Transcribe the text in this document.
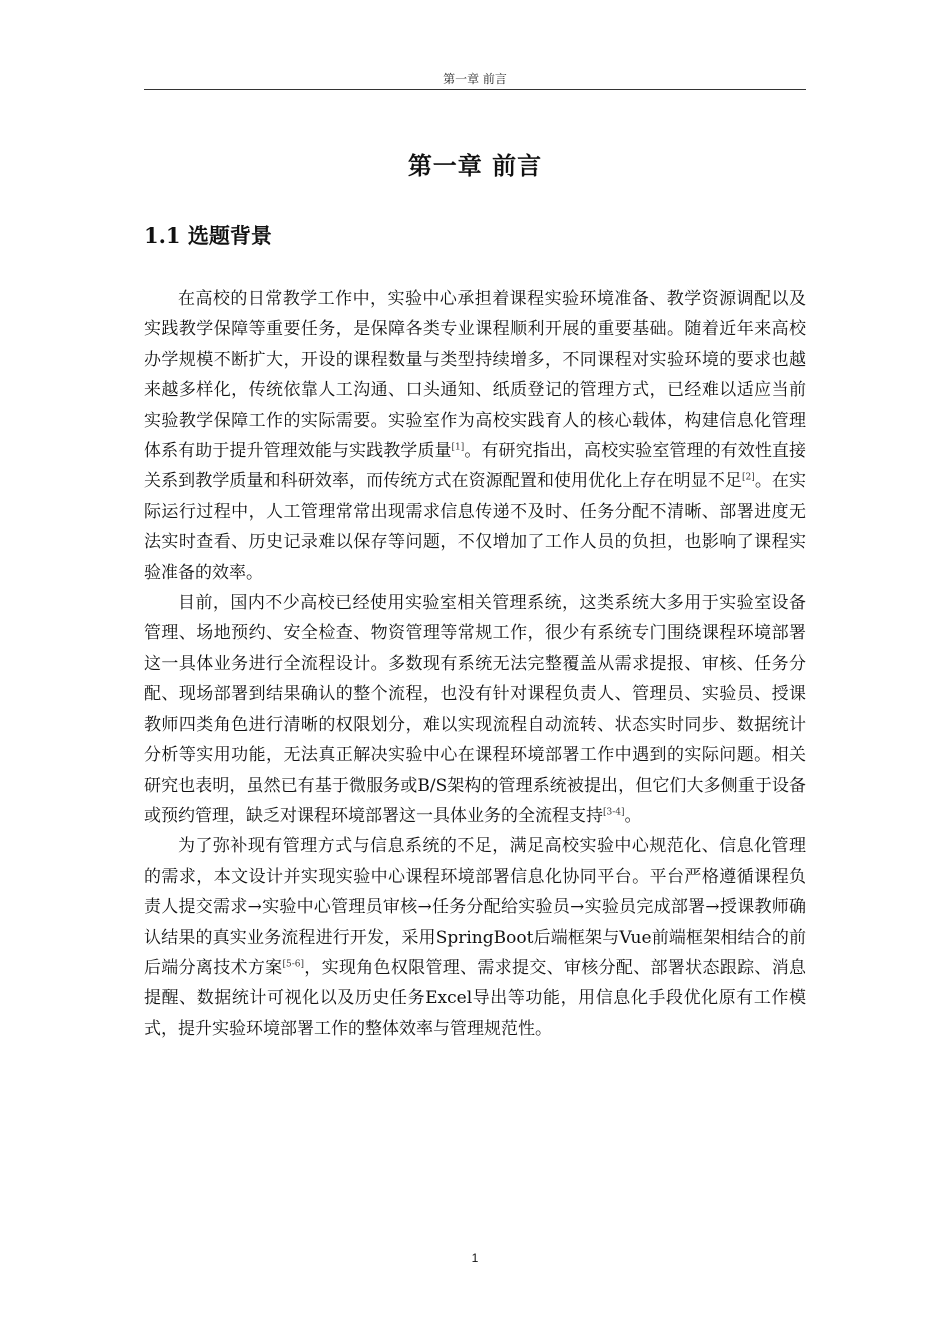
第一章 前言
第一章 前言
1.1 选题背景

在高校的日常教学工作中，实验中心承担着课程实验环境准备、教学资源调配以及实践教学保障等重要任务，是保障各类专业课程顺利开展的重要基础。随着近年来高校办学规模不断扩大，开设的课程数量与类型持续增多，不同课程对实验环境的要求也越来越多样化，传统依靠人工沟通、口头通知、纸质登记的管理方式，已经难以适应当前实验教学保障工作的实际需要。实验室作为高校实践育人的核心载体，构建信息化管理体系有助于提升管理效能与实践教学质量[1]。有研究指出，高校实验室管理的有效性直接关系到教学质量和科研效率，而传统方式在资源配置和使用优化上存在明显不足[2]。在实际运行过程中，人工管理常常出现需求信息传递不及时、任务分配不清晰、部署进度无法实时查看、历史记录难以保存等问题，不仅增加了工作人员的负担，也影响了课程实验准备的效率。

目前，国内不少高校已经使用实验室相关管理系统，这类系统大多用于实验室设备管理、场地预约、安全检查、物资管理等常规工作，很少有系统专门围绕课程环境部署这一具体业务进行全流程设计。多数现有系统无法完整覆盖从需求提报、审核、任务分配、现场部署到结果确认的整个流程，也没有针对课程负责人、管理员、实验员、授课教师四类角色进行清晰的权限划分，难以实现流程自动流转、状态实时同步、数据统计分析等实用功能，无法真正解决实验中心在课程环境部署工作中遇到的实际问题。相关研究也表明，虽然已有基于微服务或B/S架构的管理系统被提出，但它们大多侧重于设备或预约管理，缺乏对课程环境部署这一具体业务的全流程支持[3-4]。

为了弥补现有管理方式与信息系统的不足，满足高校实验中心规范化、信息化管理的需求，本文设计并实现实验中心课程环境部署信息化协同平台。平台严格遵循课程负责人提交需求→实验中心管理员审核→任务分配给实验员→实验员完成部署→授课教师确认结果的真实业务流程进行开发，采用SpringBoot后端框架与Vue前端框架相结合的前后端分离技术方案[5-6]，实现角色权限管理、需求提交、审核分配、部署状态跟踪、消息提醒、数据统计可视化以及历史任务Excel导出等功能，用信息化手段优化原有工作模式，提升实验环境部署工作的整体效率与管理规范性。

1
